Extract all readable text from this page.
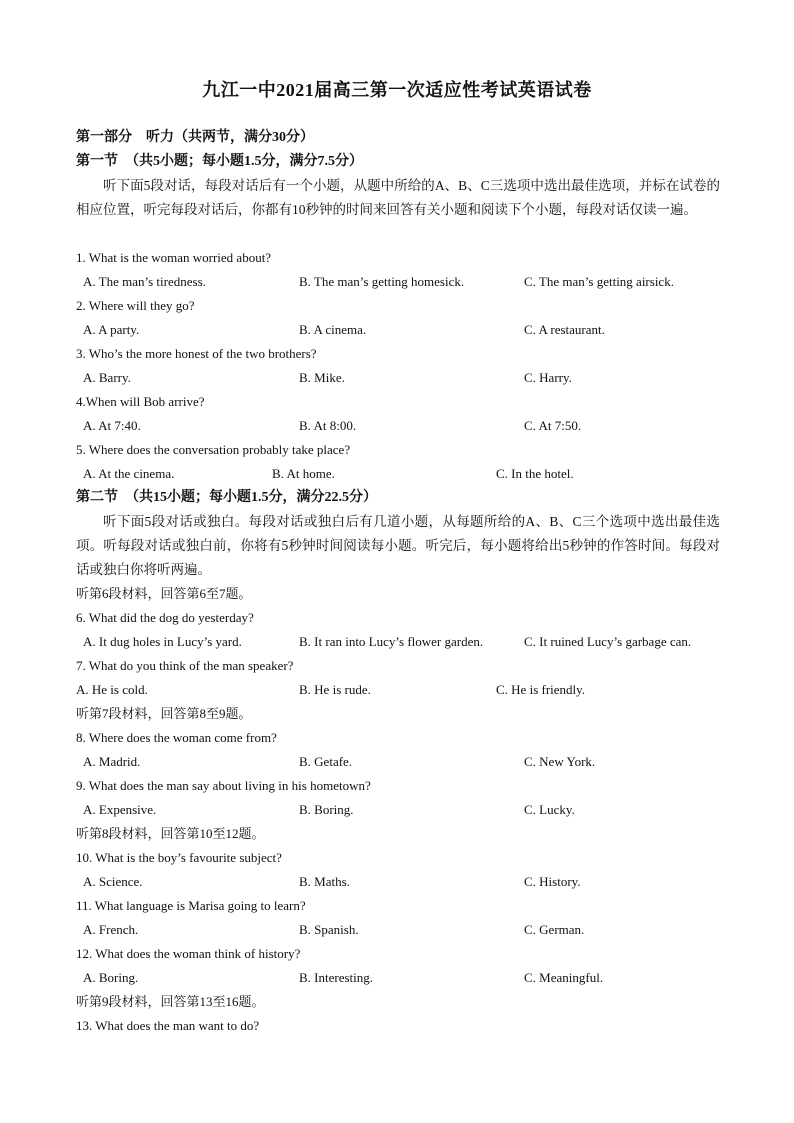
九江一中2021届高三第一次适应性考试英语试卷
第一部分　听力（共两节，满分30分）
第一节　（共5小题；每小题1.5分，满分7.5分）
听下面5段对话，每段对话后有一个小题，从题中所给的A、B、C三选项中选出最佳选项，并标在试卷的相应位置，听完每段对话后，你都有10秒钟的时间来回答有关小题和阅读下个小题，每段对话仅读一遍。
1. What is the woman worried about?
A. The man’s tiredness.	B. The man’s getting homesick.	C. The man’s getting airsick.
2. Where will they go?
A. A party.	B. A cinema.	C. A restaurant.
3. Who’s the more honest of the two brothers?
A. Barry.	B. Mike.	C. Harry.
4.When will Bob arrive?
A. At 7:40.	B. At 8:00.	C. At 7:50.
5. Where does the conversation probably take place?
A. At the cinema.	B. At home.	C. In the hotel.
第二节　（共15小题；每小题1.5分，满分22.5分）
听下面5段对话或独白。每段对话或独白后有几道小题，从每题所给的A、B、C三个选项中选出最佳选项。听每段对话或独白前，你将有5秒钟时间阅读每小题。听完后，每小题将给出5秒钟的作答时间。每段对话或独白你将听两遍。
听第6段材料，回答第6至7题。
6. What did the dog do yesterday?
A. It dug holes in Lucy’s yard.	B. It ran into Lucy’s flower garden.	C. It ruined Lucy’s garbage can.
7. What do you think of the man speaker?
A. He is cold.	B. He is rude.	C. He is friendly.
听第7段材料，回答第8至9题。
8. Where does the woman come from?
A. Madrid.	B. Getafe.	C. New York.
9. What does the man say about living in his hometown?
A. Expensive.	B. Boring.	C. Lucky.
听第8段材料，回答第10至12题。
10. What is the boy’s favourite subject?
A. Science.	B. Maths.	C. History.
11. What language is Marisa going to learn?
A. French.	B. Spanish.	C. German.
12. What does the woman think of history?
A. Boring.	B. Interesting.	C. Meaningful.
听第9段材料，回答第13至16题。
13. What does the man want to do?
